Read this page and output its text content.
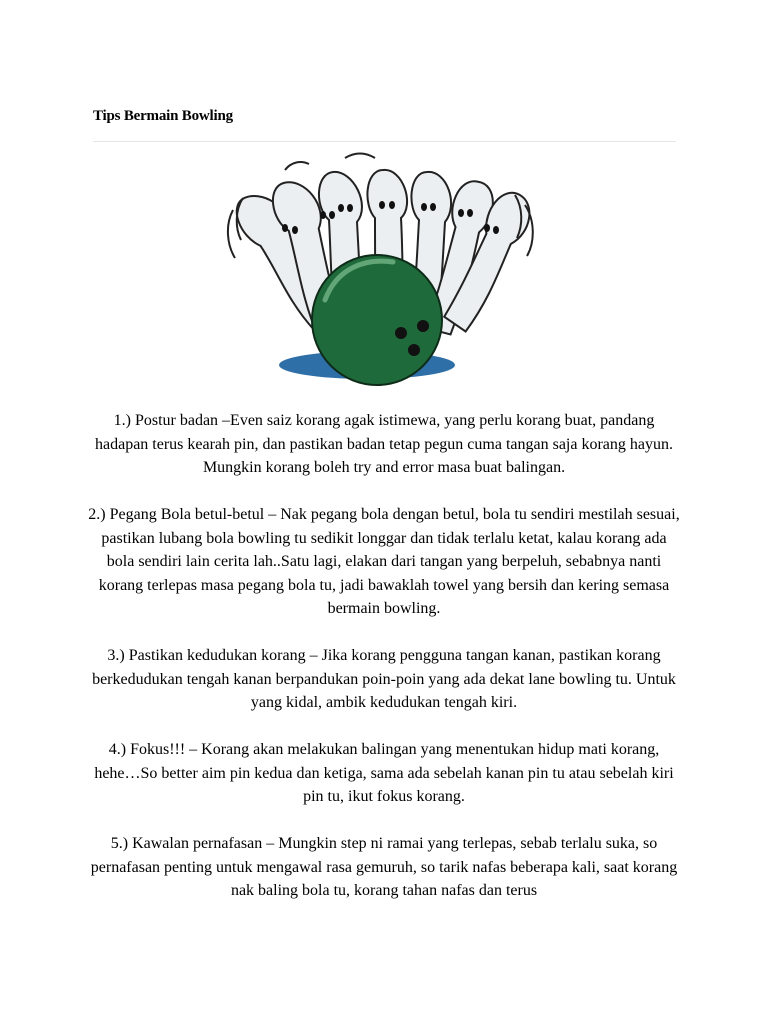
Tips Bermain Bowling

1.) Postur badan –Even saiz korang agak istimewa, yang perlu korang buat, pandang hadapan terus kearah pin, dan pastikan badan tetap pegun cuma tangan saja korang hayun. Mungkin korang boleh try and error masa buat balingan.

2.) Pegang Bola betul-betul – Nak pegang bola dengan betul, bola tu sendiri mestilah sesuai, pastikan lubang bola bowling tu sedikit longgar dan tidak terlalu ketat, kalau korang ada bola sendiri lain cerita lah..Satu lagi, elakan dari tangan yang berpeluh, sebabnya nanti korang terlepas masa pegang bola tu, jadi bawaklah towel yang bersih dan kering semasa bermain bowling.

3.) Pastikan kedudukan korang – Jika korang pengguna tangan kanan, pastikan korang berkedudukan tengah kanan berpandukan poin-poin yang ada dekat lane bowling tu. Untuk yang kidal, ambik kedudukan tengah kiri.

4.) Fokus!!! – Korang akan melakukan balingan yang menentukan hidup mati korang, hehe…So better aim pin kedua dan ketiga, sama ada sebelah kanan pin tu atau sebelah kiri pin tu, ikut fokus korang.

5.) Kawalan pernafasan – Mungkin step ni ramai yang terlepas, sebab terlalu suka, so pernafasan penting untuk mengawal rasa gemuruh, so tarik nafas beberapa kali, saat korang nak baling bola tu, korang tahan nafas dan terus
